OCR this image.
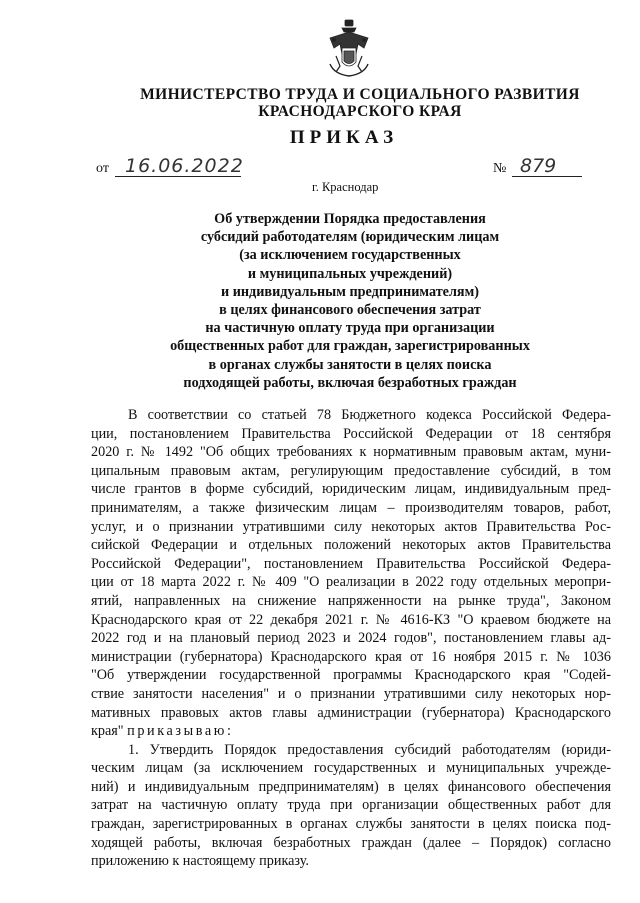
МИНИСТЕРСТВО ТРУДА И СОЦИАЛЬНОГО РАЗВИТИЯ
КРАСНОДАРСКОГО КРАЯ
ПРИКАЗ
от 16.06.2022	№ 879
г. Краснодар
Об утверждении Порядка предоставления
субсидий работодателям (юридическим лицам
(за исключением государственных
и муниципальных учреждений)
и индивидуальным предпринимателям)
в целях финансового обеспечения затрат
на частичную оплату труда при организации
общественных работ для граждан, зарегистрированных
в органах службы занятости в целях поиска
подходящей работы, включая безработных граждан
В соответствии со статьей 78 Бюджетного кодекса Российской Федера-
ции, постановлением Правительства Российской Федерации от 18 сентября
2020 г. № 1492 "Об общих требованиях к нормативным правовым актам, муни-
ципальным правовым актам, регулирующим предоставление субсидий, в том
числе грантов в форме субсидий, юридическим лицам, индивидуальным пред-
принимателям, а также физическим лицам – производителям товаров, работ,
услуг, и о признании утратившими силу некоторых актов Правительства Рос-
сийской Федерации и отдельных положений некоторых актов Правительства
Российской Федерации", постановлением Правительства Российской Федера-
ции от 18 марта 2022 г. № 409 "О реализации в 2022 году отдельных меропри-
ятий, направленных на снижение напряженности на рынке труда", Законом
Краснодарского края от 22 декабря 2021 г. № 4616-КЗ "О краевом бюджете на
2022 год и на плановый период 2023 и 2024 годов", постановлением главы ад-
министрации (губернатора) Краснодарского края от 16 ноября 2015 г. № 1036
"Об утверждении государственной программы Краснодарского края "Содей-
ствие занятости населения" и о признании утратившими силу некоторых нор-
мативных правовых актов главы администрации (губернатора) Краснодарского
края" приказываю:
1. Утвердить Порядок предоставления субсидий работодателям (юриди-
ческим лицам (за исключением государственных и муниципальных учрежде-
ний) и индивидуальным предпринимателям) в целях финансового обеспечения
затрат на частичную оплату труда при организации общественных работ для
граждан, зарегистрированных в органах службы занятости в целях поиска под-
ходящей работы, включая безработных граждан (далее – Порядок) согласно
приложению к настоящему приказу.
